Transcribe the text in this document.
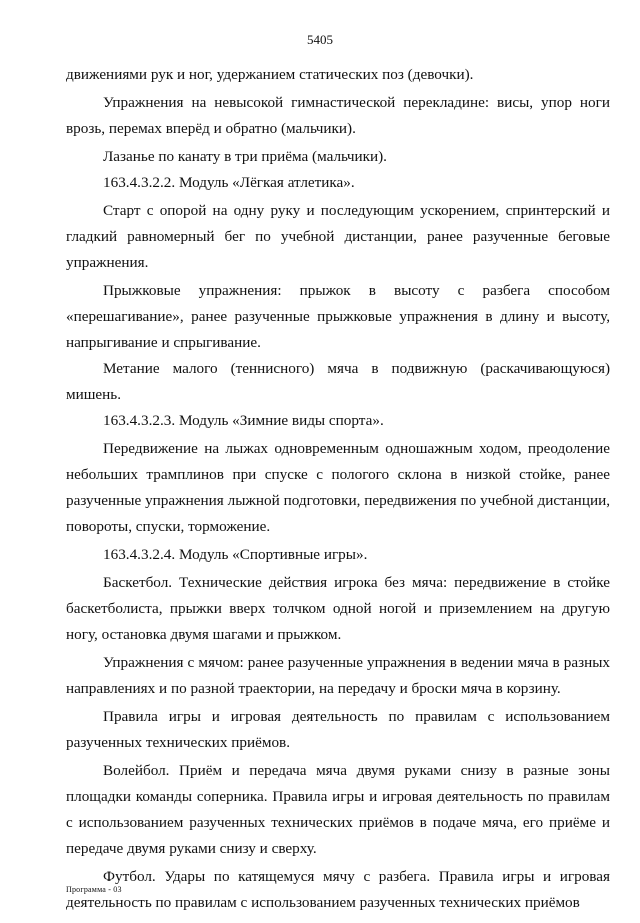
5405

движениями рук и ног, удержанием статических поз (девочки).

Упражнения на невысокой гимнастической перекладине: висы, упор ноги врозь, перемах вперёд и обратно (мальчики).

Лазанье по канату в три приёма (мальчики).

163.4.3.2.2. Модуль «Лёгкая атлетика».

Старт с опорой на одну руку и последующим ускорением, спринтерский и гладкий равномерный бег по учебной дистанции, ранее разученные беговые упражнения.

Прыжковые упражнения: прыжок в высоту с разбега способом «перешагивание», ранее разученные прыжковые упражнения в длину и высоту, напрыгивание и спрыгивание.

Метание малого (теннисного) мяча в подвижную (раскачивающуюся) мишень.

163.4.3.2.3. Модуль «Зимние виды спорта».

Передвижение на лыжах одновременным одношажным ходом, преодоление небольших трамплинов при спуске с пологого склона в низкой стойке, ранее разученные упражнения лыжной подготовки, передвижения по учебной дистанции, повороты, спуски, торможение.

163.4.3.2.4. Модуль «Спортивные игры».

Баскетбол. Технические действия игрока без мяча: передвижение в стойке баскетболиста, прыжки вверх толчком одной ногой и приземлением на другую ногу, остановка двумя шагами и прыжком.

Упражнения с мячом: ранее разученные упражнения в ведении мяча в разных направлениях и по разной траектории, на передачу и броски мяча в корзину.

Правила игры и игровая деятельность по правилам с использованием разученных технических приёмов.

Волейбол. Приём и передача мяча двумя руками снизу в разные зоны площадки команды соперника. Правила игры и игровая деятельность по правилам с использованием разученных технических приёмов в подаче мяча, его приёме и передаче двумя руками снизу и сверху.

Футбол. Удары по катящемуся мячу с разбега. Правила игры и игровая деятельность по правилам с использованием разученных технических приёмов

Программа - 03
